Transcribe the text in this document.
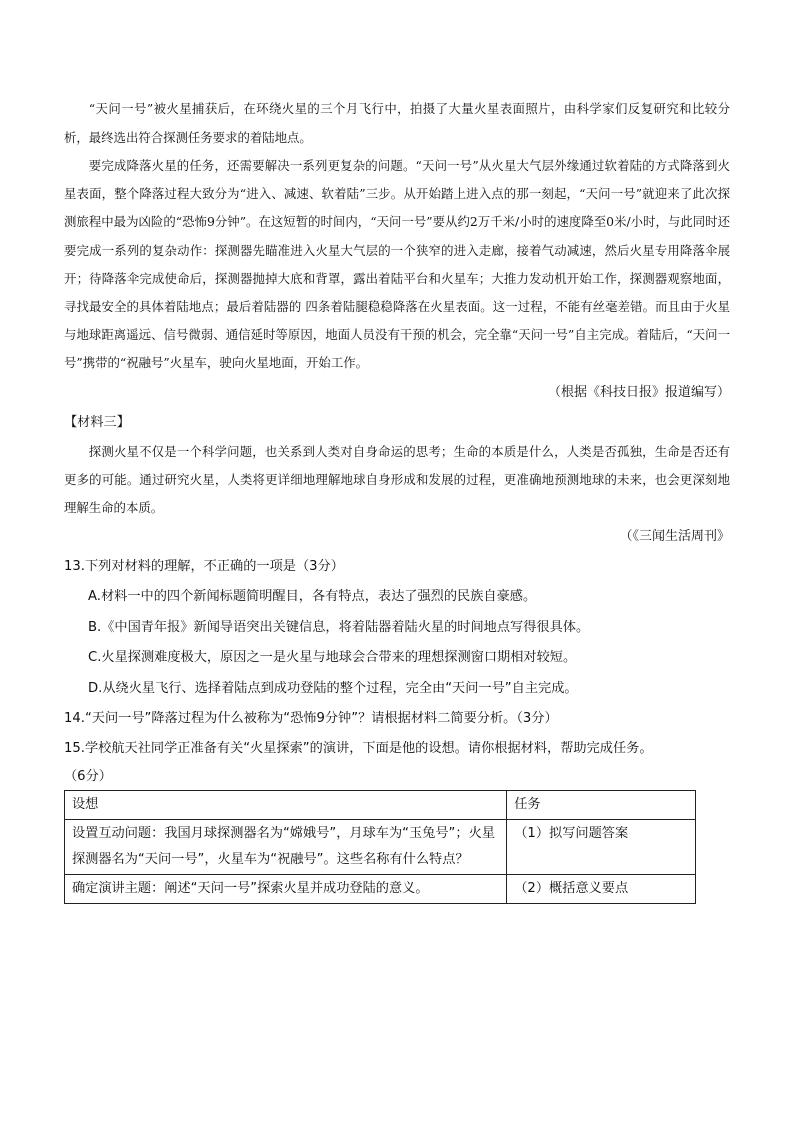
“天问一号”被火星捕获后，在环绕火星的三个月飞行中，拍摄了大量火星表面照片，由科学家们反复研究和比较分析，最终选出符合探测任务要求的着陆地点。

要完成降落火星的任务，还需要解决一系列更复杂的问题。“天问一号”从火星大气层外缘通过软着陆的方式降落到火星表面，整个降落过程大致分为“进入、减速、软着陆”三步。从开始踏上进入点的那一刻起，“天问一号”就迎来了此次探测旅程中最为凶险的“恐怖9分钟”。在这短暂的时间内，“天问一号”要从约2万千米/小时的速度降至0米/小时，与此同时还要完成一系列的复杂动作：探测器先瞄准进入火星大气层的一个狭窄的进入走廊，接着气动减速，然后火星专用降落伞展开；待降落伞完成使命后，探测器抛掉大底和背罩，露出着陆平台和火星车；大推力发动机开始工作，探测器观察地面，寻找最安全的具体着陆地点；最后着陆器的 四条着陆腿稳稳降落在火星表面。这一过程，不能有丝毫差错。而且由于火星与地球距离遥远、信号微弱、通信延时等原因，地面人员没有干预的机会，完全靠“天问一号”自主完成。着陆后，“天问一号”携带的“祝融号”火星车，驶向火星地面，开始工作。

（根据《科技日报》报道编写）

【材料三】

探测火星不仅是一个科学问题，也关系到人类对自身命运的思考；生命的本质是什么，人类是否孤独，生命是否还有更多的可能。通过研究火星，人类将更详细地理解地球自身形成和发展的过程，更准确地预测地球的未来，也会更深刻地理解生命的本质。

（《三闻生活周刊》

13.下列对材料的理解，不正确的一项是（3分）

A.材料一中的四个新闻标题简明醒目，各有特点，表达了强烈的民族自豪感。

B.《中国青年报》新闻导语突出关键信息，将着陆器着陆火星的时间地点写得很具体。

C.火星探测难度极大，原因之一是火星与地球会合带来的理想探测窗口期相对较短。

D.从绕火星飞行、选择着陆点到成功登陆的整个过程，完全由“天问一号”自主完成。

14.“天问一号”降落过程为什么被称为“恐怖9分钟”？请根据材料二简要分析。（3分）

15.学校航天社同学正准备有关“火星探索”的演讲，下面是他的设想。请你根据材料，帮助完成任务。

（6分）

设想	任务
设置互动问题：我国月球探测器名为“嫦娥号”，月球车为“玉兔号”；火星探测器名为“天问一号”，火星车为“祝融号”。这些名称有什么特点？	（1）拟写问题答案
确定演讲主题：阐述“天问一号”探索火星并成功登陆的意义。	（2）概括意义要点
